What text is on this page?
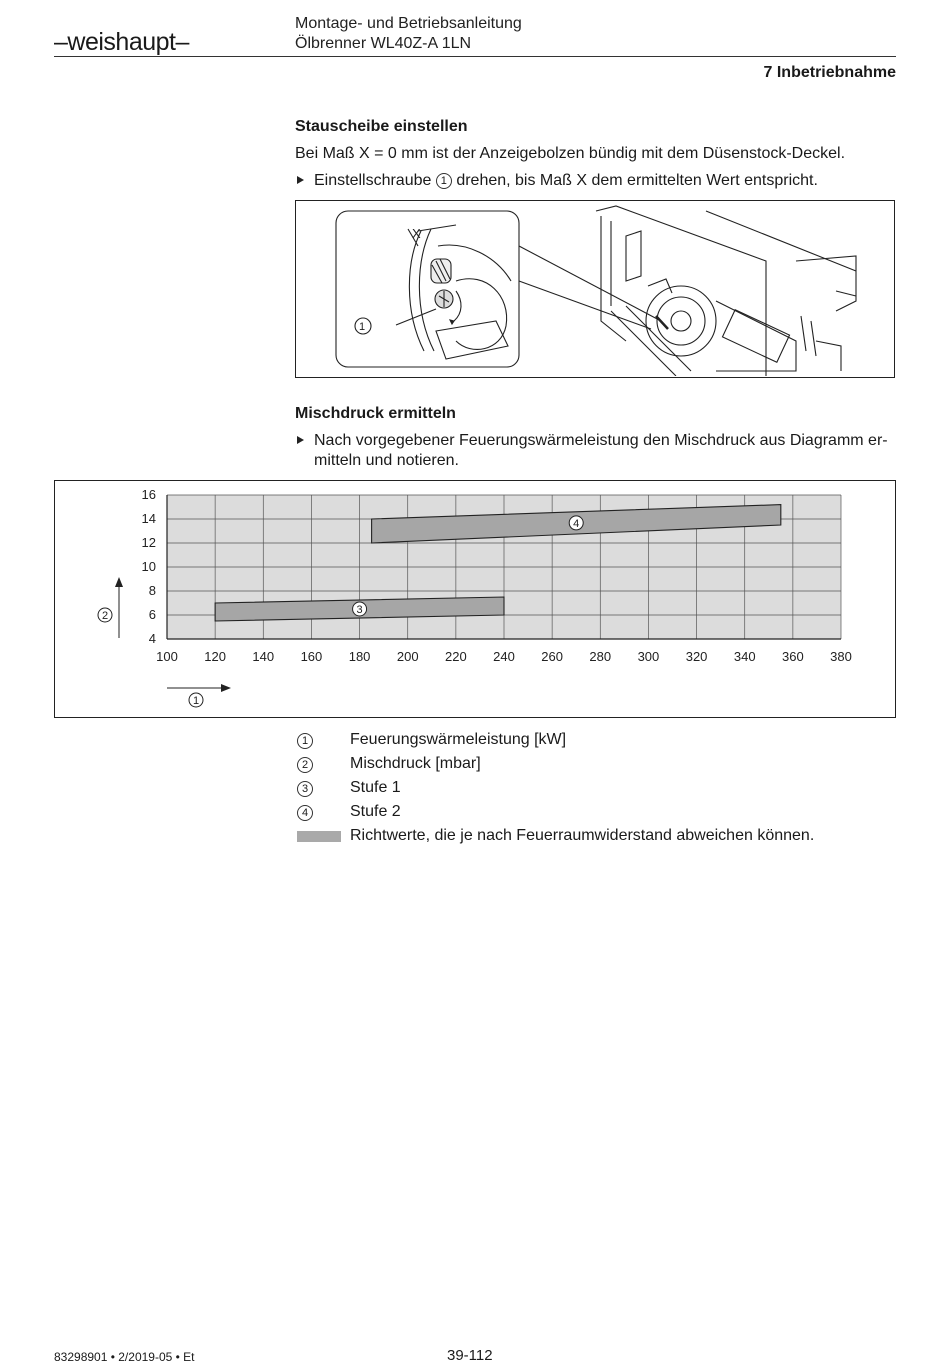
–weishaupt–
Montage- und Betriebsanleitung
Ölbrenner WL40Z-A 1LN
7 Inbetriebnahme
Stauscheibe einstellen
Bei Maß X = 0 mm ist der Anzeigebolzen bündig mit dem Düsenstock-Deckel.
Einstellschraube 1 drehen, bis Maß X dem ermittelten Wert entspricht.
X
1
Mischdruck ermitteln
Nach vorgegebener Feuerungswärmeleistung den Mischdruck aus Diagramm er-
mitteln und notieren.
100 120 140 160 180 200 220 240 260 280 300 320 340 360 380
4
6
8
10
12
14
16
3
4
2
1
1	Feuerungswärmeleistung [kW]
2	Mischdruck [mbar]
3	Stufe 1
4	Stufe 2
Richtwerte, die je nach Feuerraumwiderstand abweichen können.
83298901 • 2/2019-05 • Et	39-112
